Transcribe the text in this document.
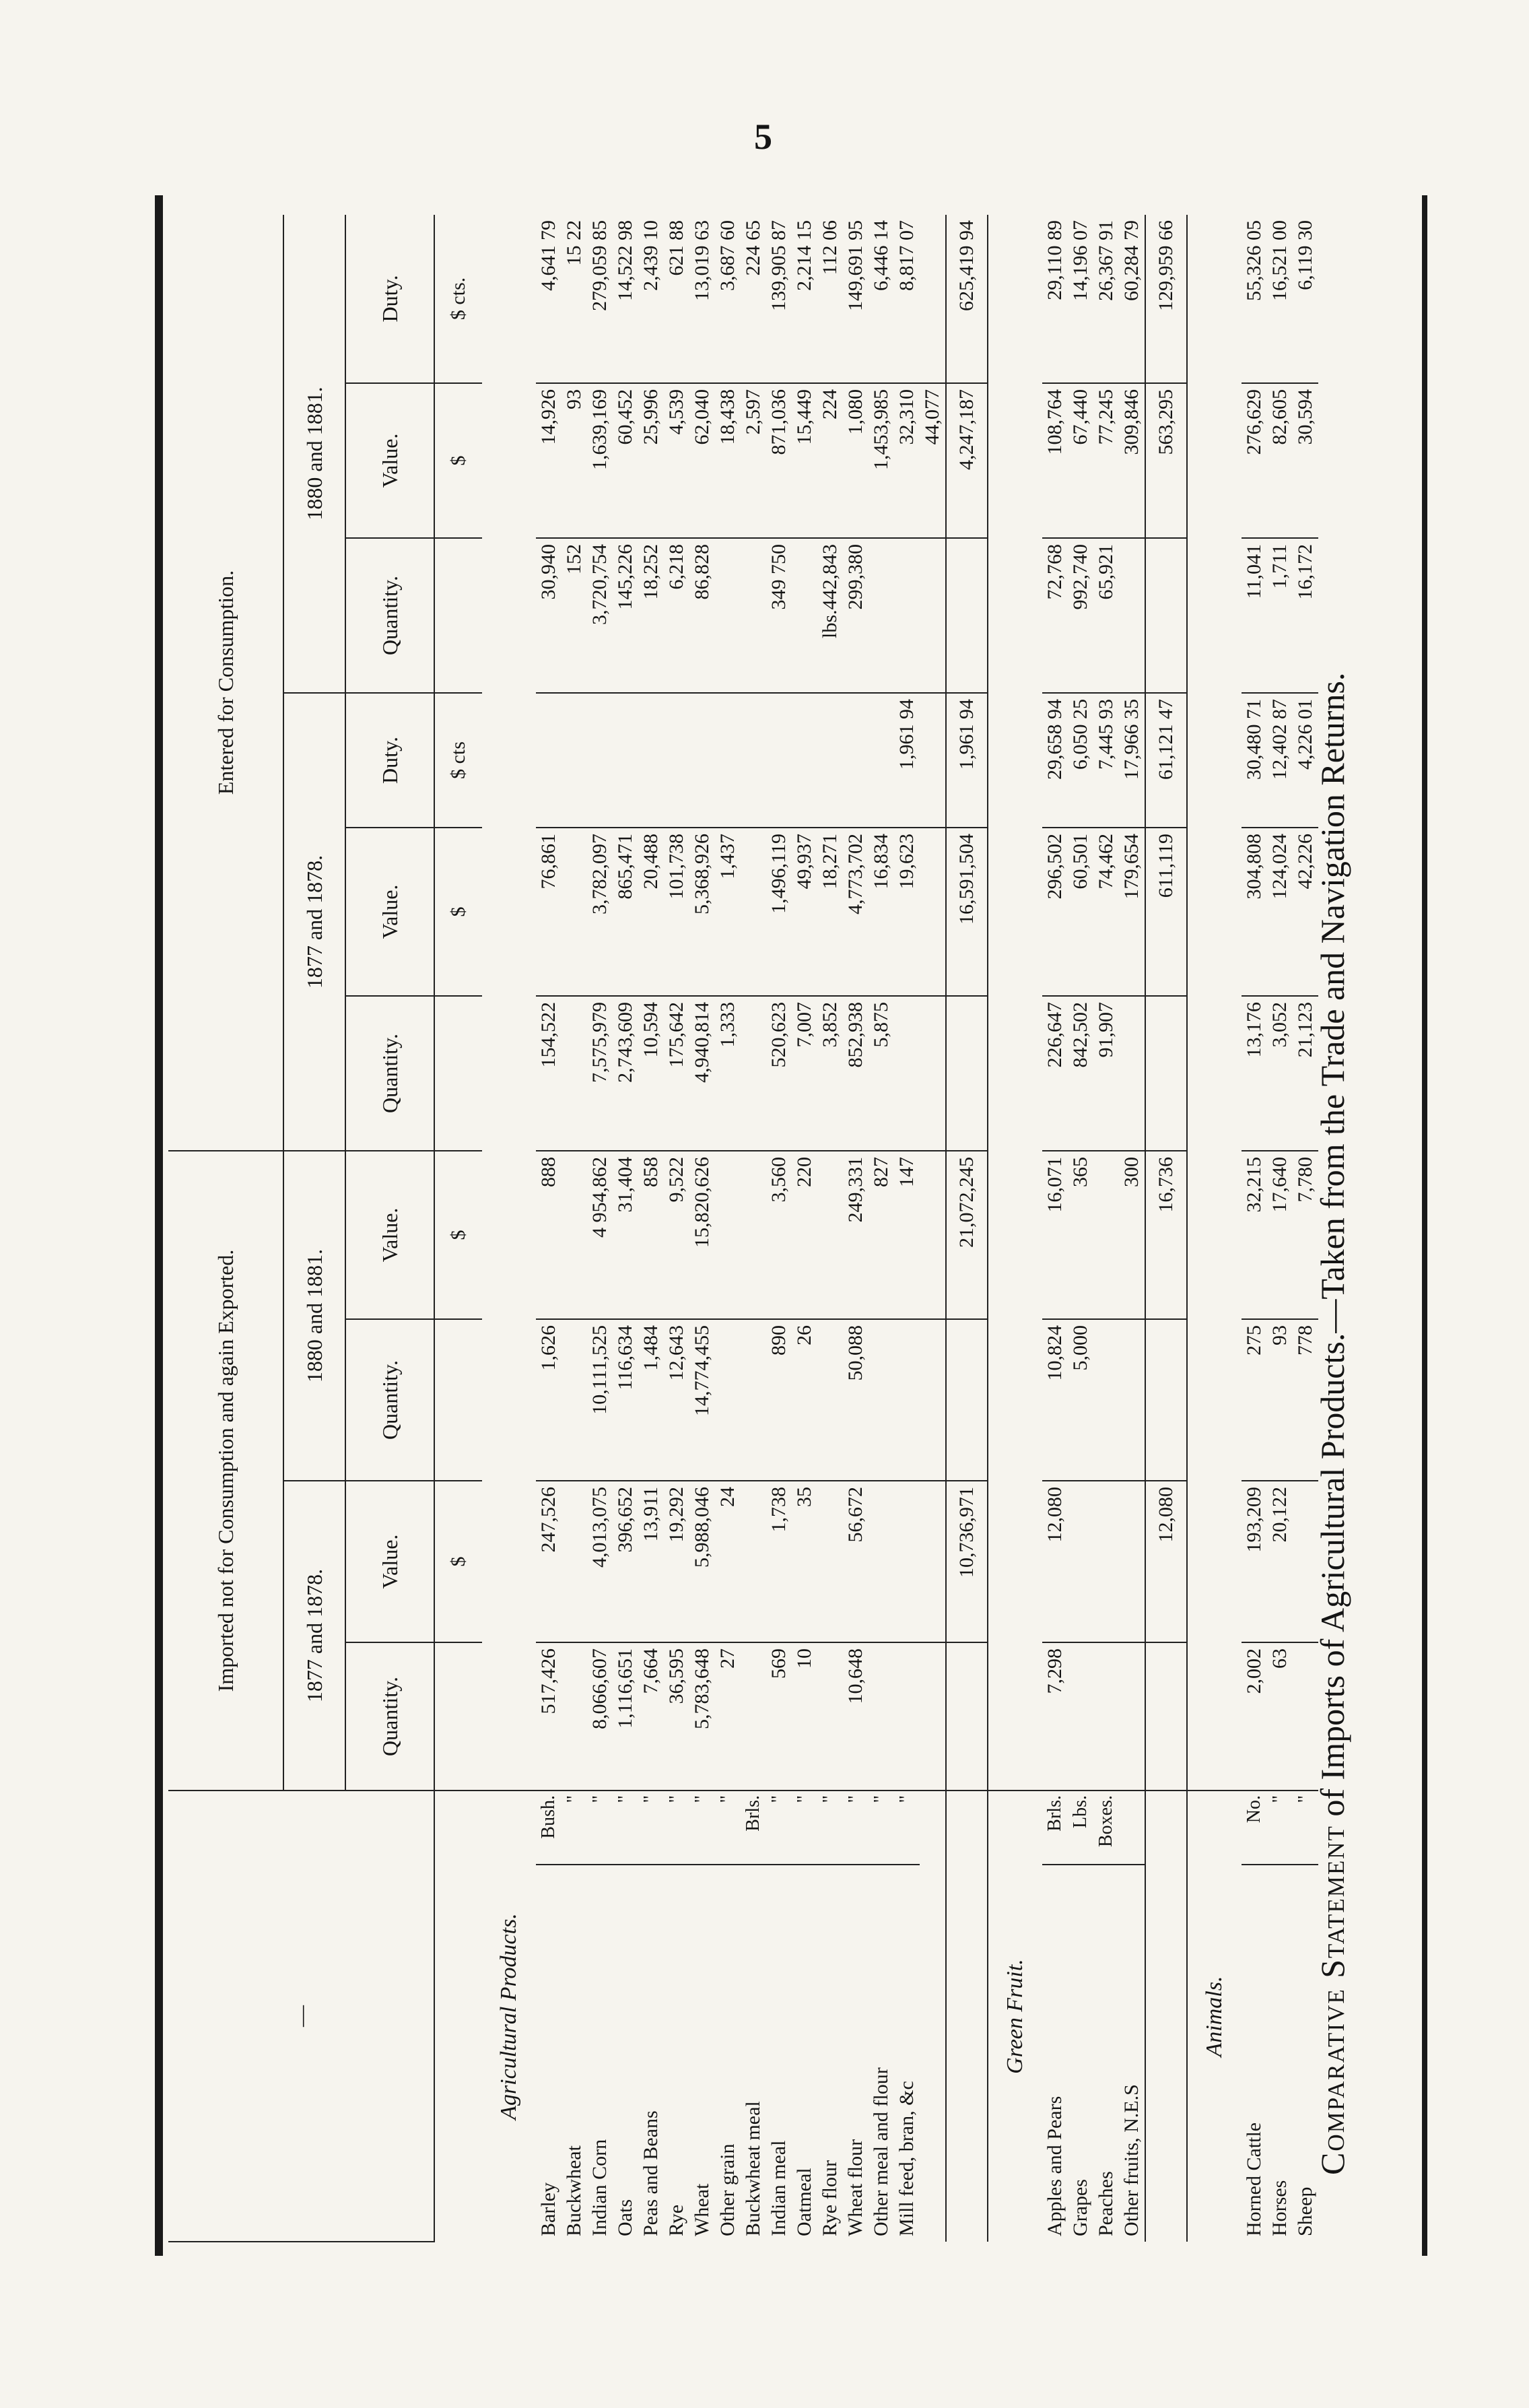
5
—		Imported not for Consumption and again Exported.				Entered for Consumption.					
		1877 and 1878.		1880 and 1881.		1877 and 1878.			1880 and 1881.		
		Quantity.	Value.	Quantity.	Value.	Quantity.	Value.	Duty.	Quantity.	Value.	Duty.
			$		$		$	$ cts		$	$ cts.
Agricultural Products.											
Barley	Bush.	517,426	247,526	1,626	888	154,522	76,861		30,940	14,926	4,641 79
Buckwheat	"								152	93	15 22
Indian Corn	"	8,066,607	4,013,075	10,111,525	4 954,862	7,575,979	3,782,097		3,720,754	1,639,169	279,059 85
Oats	"	1,116,651	396,652	116,634	31,404	2,743,609	865,471		145,226	60,452	14,522 98
Peas and Beans	"	7,664	13,911	1,484	858	10,594	20,488		18,252	25,996	2,439 10
Rye	"	36,595	19,292	12,643	9,522	175,642	101,738		6,218	4,539	621 88
Wheat	"	5,783,648	5,988,046	14,774,455	15,820,626	4,940,814	5,368,926		86,828	62,040	13,019 63
Other grain	"	27	24			1,333	1,437			18,438	3,687 60
Buckwheat meal	Brls.									2,597	224 65
Indian meal	"	569	1,738	890	3,560	520,623	1,496,119		349 750	871,036	139,905 87
Oatmeal	"	10	35	26	220	7,007	49,937			15,449	2,214 15
Rye flour	"					3,852	18,271		lbs.442,843	224	112 06
Wheat flour	"	10,648	56,672	50,088	249,331	852,938	4,773,702		299,380	1,080	149,691 95
Other meal and flour	"				827	5,875	16,834			1,453,985	6,446 14
Mill feed, bran, &c	"				147		19,623	1,961 94		32,310	8,817 07
										44,077	
			10,736,971		21,072,245		16,591,504	1,961 94		4,247,187	625,419 94
Green Fruit.											
Apples and Pears	Brls.	7,298	12,080	10,824	16,071	226,647	296,502	29,658 94	72,768	108,764	29,110 89
Grapes	Lbs.			5,000	365	842,502	60,501	6,050 25	992,740	67,440	14,196 07
Peaches	Boxes.					91,907	74,462	7,445 93	65,921	77,245	26,367 91
Other fruits, N.E.S					300		179,654	17,966 35		309,846	60,284 79
			12,080		16,736		611,119	61,121 47		563,295	129,959 66
Animals.											
Horned Cattle	No.	2,002	193,209	275	32,215	13,176	304,808	30,480 71	11,041	276,629	55,326 05
Horses	"	63	20,122	93	17,640	3,052	124,024	12,402 87	1,711	82,605	16,521 00
Sheep	"			778	7,780	21,123	42,226	4,226 01	16,172	30,594	6,119 30
Comparative Statement of Imports of Agricultural Products.—Taken from the Trade and Navigation Returns.
